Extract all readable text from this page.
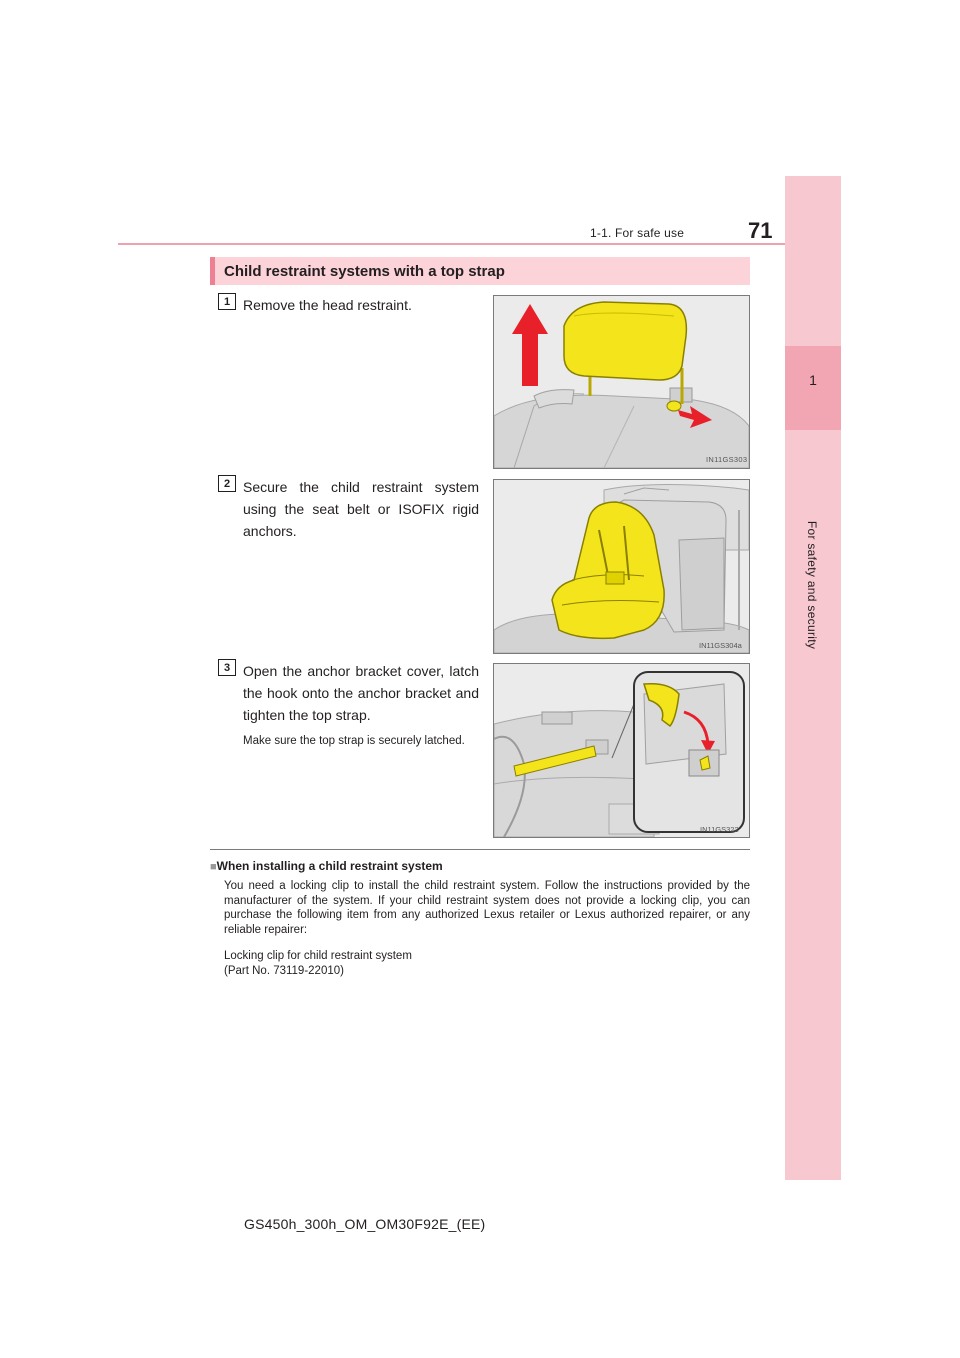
1-1. For safe use	71
1
For safety and security
Child restraint systems with a top strap
1 Remove the head restraint.
IN11GS303
2 Secure the child restraint system using the seat belt or ISOFIX rigid anchors.
IN11GS304a
3 Open the anchor bracket cover, latch the hook onto the anchor bracket and tighten the top strap.
Make sure the top strap is securely latched.
IN11GS322
■When installing a child restraint system
You need a locking clip to install the child restraint system. Follow the instructions provided by the manufacturer of the system. If your child restraint system does not provide a locking clip, you can purchase the following item from any authorized Lexus retailer or Lexus authorized repairer, or any reliable repairer:
Locking clip for child restraint system
(Part No. 73119-22010)
GS450h_300h_OM_OM30F92E_(EE)
